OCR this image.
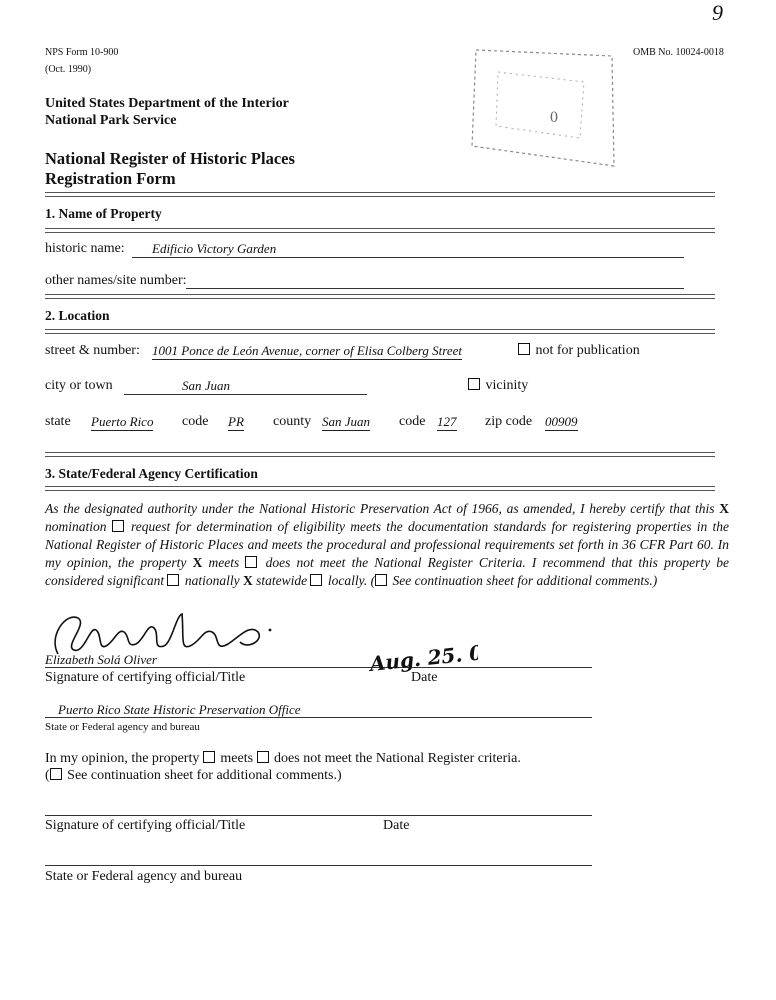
NPS Form 10-900
(Oct. 1990)
OMB No. 10024-0018
9
0
United States Department of the Interior
National Park Service
National Register of Historic Places
Registration Form
1. Name of Property
historic name: Edificio Victory Garden
other names/site number:
2. Location
street & number: 1001 Ponce de León Avenue, corner of Elisa Colberg Street	not for publication
city or town	San Juan	vicinity
state Puerto Rico code PR county San Juan code 127 zip code 00909
3. State/Federal Agency Certification
As the designated authority under the National Historic Preservation Act of 1966, as amended, I hereby certify that this X nomination  request for determination of eligibility meets the documentation standards for registering properties in the National Register of Historic Places and meets the procedural and professional requirements set forth in 36 CFR Part 60. In my opinion, the property X meets  does not meet the National Register Criteria. I recommend that this property be considered significant  nationally X statewide  locally. ( See continuation sheet for additional comments.)
Elizabeth Solá Oliver	Aug. 25. 04
Signature of certifying official/Title	Date
Puerto Rico State Historic Preservation Office
State or Federal agency and bureau
In my opinion, the property  meets  does not meet the National Register criteria.
( See continuation sheet for additional comments.)
Signature of certifying official/Title	Date
State or Federal agency and bureau
